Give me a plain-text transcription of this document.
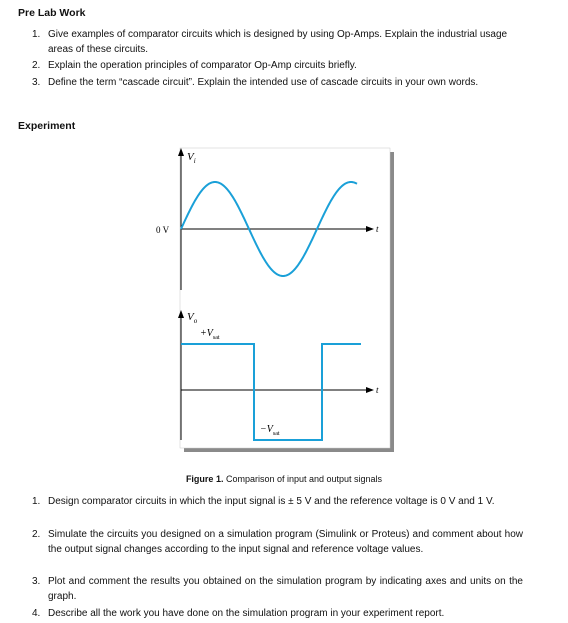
Pre Lab Work
1. Give examples of comparator circuits which is designed by using Op-Amps. Explain the industrial usage areas of these circuits.
2. Explain the operation principles of comparator Op-Amp circuits briefly.
3. Define the term “cascade circuit”. Explain the intended use of cascade circuits in your own words.
Experiment
$V_i$
0 V	t
$V_o$
$+V_{sat}$
$-V_{sat}$
t
Figure 1. Comparison of input and output signals
1. Design comparator circuits in which the input signal is ± 5 V and the reference voltage is 0 V and 1 V.
2. Simulate the circuits you designed on a simulation program (Simulink or Proteus) and comment about how the output signal changes according to the input signal and reference voltage values.
3. Plot and comment the results you obtained on the simulation program by indicating axes and units on the graph.
4. Describe all the work you have done on the simulation program in your experiment report.
